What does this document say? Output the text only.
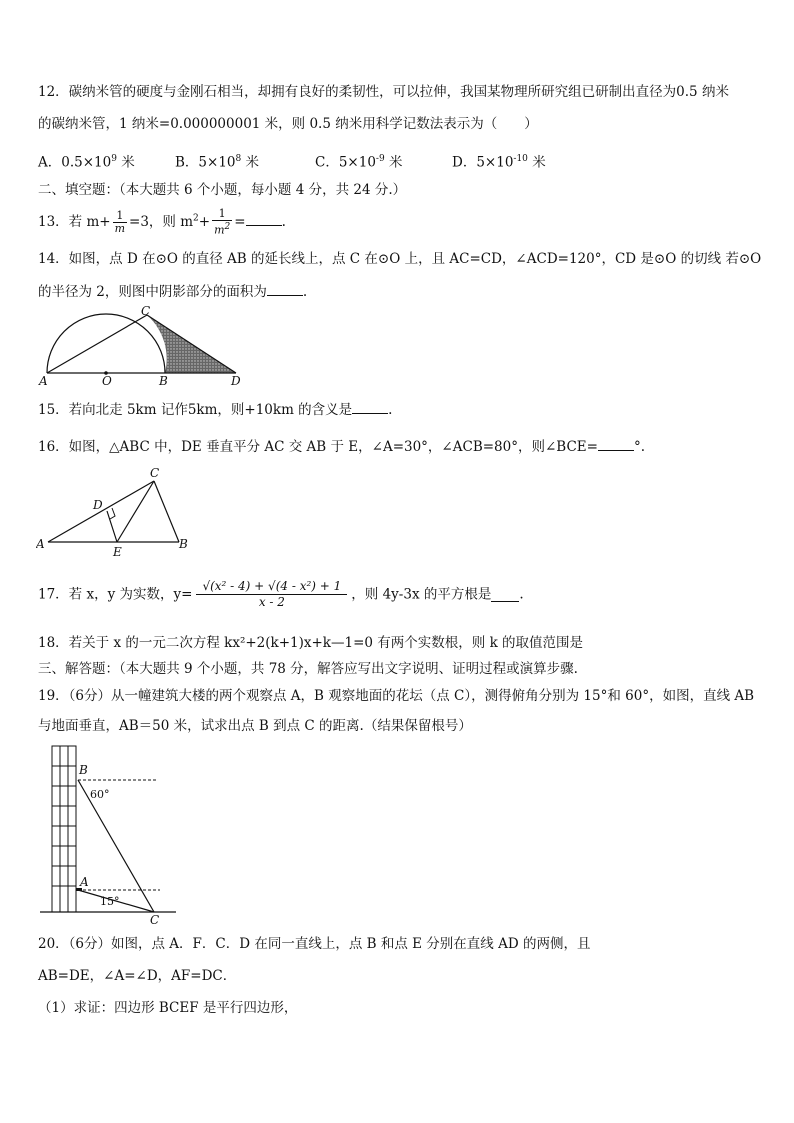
12．碳纳米管的硬度与金刚石相当，却拥有良好的柔韧性，可以拉伸，我国某物理所研究组已研制出直径为0.5 纳米
的碳纳米管，1 纳米=0.000000001 米，则 0.5 纳米用科学记数法表示为（　　）
A．$0.5\times 10^9$ 米	B．$5\times 10^8$ 米	C．$5\times 10^{-9}$ 米	D．$5\times 10^{-10}$ 米
二、填空题：（本大题共 6 个小题，每小题 4 分，共 24 分.）
13．若 $m+ \frac{1}{m} =3$，则 $m^2+ \frac{1}{m^2}$ =	.
14．如图，点 D 在⊙O 的直径 AB 的延长线上，点 C 在⊙O 上，且 AC=CD，∠ACD=120°，CD 是⊙O 的切线 若⊙O
的半径为 2，则图中阴影部分的面积为	.
A	O	B	D
C
15．若向北走 5km 记作5km，则+10km 的含义是	.
16．如图，△ABC 中，DE 垂直平分 AC 交 AB 于 E，∠A=30°，∠ACB=80°，则∠BCE=	°.
C
D
A
E
B
17．若 x，y 为实数，$y= \frac{\text{√(x² - 4) + √(4 - x²) + 1}}{x - 2}$ ，则 4y-3x 的平方根是 .
18．若关于 x 的一元二次方程 kx²+2(k+1)x+k—1=0 有两个实数根，则 k 的取值范围是
三、解答题：（本大题共 9 个小题，共 78 分，解答应写出文字说明、证明过程或演算步骤.
19．（6分）从一幢建筑大楼的两个观察点 A，B 观察地面的花坛（点 C），测得俯角分别为 15°和 60°，如图，直线 AB
与地面垂直，AB＝50 米，试求出点 B 到点 C 的距离.（结果保留根号）
B
60°
A
15°
C
20．（6分）如图，点 A．F．C．D 在同一直线上，点 B 和点 E 分别在直线 AD 的两侧，且
AB=DE，∠A=∠D，AF=DC．
（1）求证：四边形 BCEF 是平行四边形，
